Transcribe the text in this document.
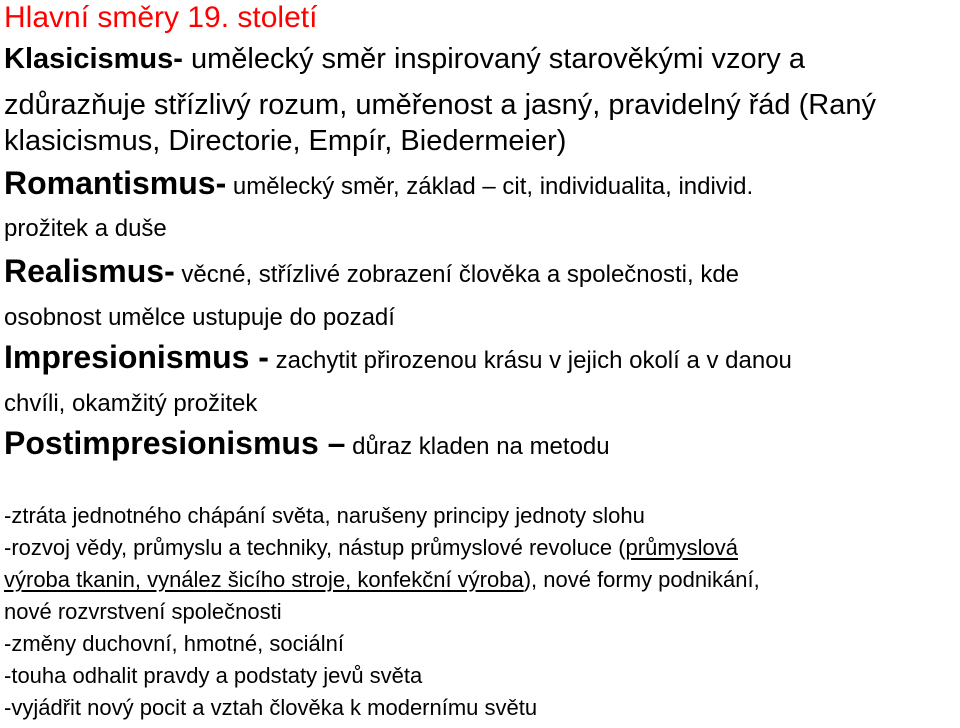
Hlavní směry 19. století
Klasicismus- umělecký směr inspirovaný starověkými vzory a
zdůrazňuje střízlivý rozum, uměřenost a jasný, pravidelný řád (Raný
klasicismus, Directorie, Empír, Biedermeier)
Romantismus- umělecký směr, základ – cit, individualita, individ.
prožitek a duše
Realismus- věcné, střízlivé zobrazení člověka a společnosti, kde
osobnost umělce ustupuje do pozadí
Impresionismus - zachytit přirozenou krásu v jejich okolí a v danou
chvíli, okamžitý prožitek
Postimpresionismus – důraz kladen na metodu
-ztráta jednotného chápání světa, narušeny principy jednoty slohu
-rozvoj vědy, průmyslu a techniky, nástup průmyslové revoluce (průmyslová
výroba tkanin, vynález šicího stroje, konfekční výroba), nové formy podnikání,
nové rozvrstvení společnosti
-změny duchovní, hmotné, sociální
-touha odhalit pravdy a podstaty jevů světa
-vyjádřit nový pocit a vztah člověka k modernímu světu
